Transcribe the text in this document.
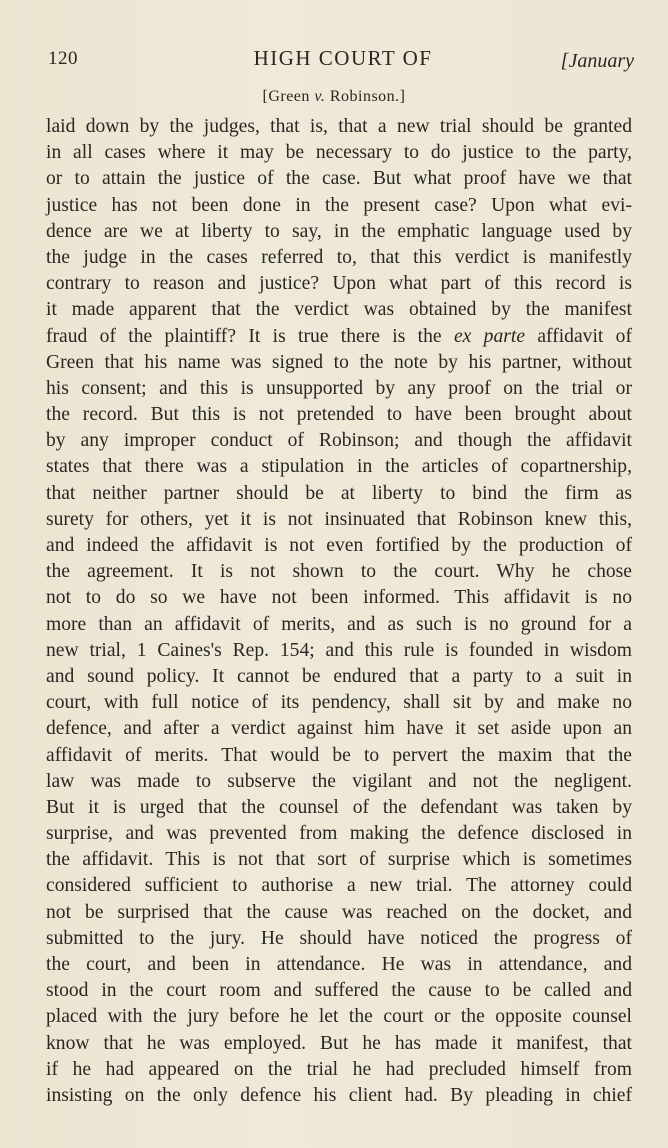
120	HIGH COURT OF	[January
[Green v. Robinson.]
laid down by the judges, that is, that a new trial should be granted
in all cases where it may be necessary to do justice to the party,
or to attain the justice of the case. But what proof have we that
justice has not been done in the present case? Upon what evi-
dence are we at liberty to say, in the emphatic language used by
the judge in the cases referred to, that this verdict is manifestly
contrary to reason and justice? Upon what part of this record is
it made apparent that the verdict was obtained by the manifest
fraud of the plaintiff? It is true there is the ex parte affidavit of
Green that his name was signed to the note by his partner, without
his consent; and this is unsupported by any proof on the trial or
the record. But this is not pretended to have been brought about
by any improper conduct of Robinson; and though the affidavit
states that there was a stipulation in the articles of copartnership,
that neither partner should be at liberty to bind the firm as
surety for others, yet it is not insinuated that Robinson knew this,
and indeed the affidavit is not even fortified by the production of
the agreement. It is not shown to the court. Why he chose
not to do so we have not been informed. This affidavit is no
more than an affidavit of merits, and as such is no ground for a
new trial, 1 Caines's Rep. 154; and this rule is founded in wisdom
and sound policy. It cannot be endured that a party to a suit in
court, with full notice of its pendency, shall sit by and make no
defence, and after a verdict against him have it set aside upon an
affidavit of merits. That would be to pervert the maxim that the
law was made to subserve the vigilant and not the negligent.
But it is urged that the counsel of the defendant was taken by
surprise, and was prevented from making the defence disclosed in
the affidavit. This is not that sort of surprise which is sometimes
considered sufficient to authorise a new trial. The attorney could
not be surprised that the cause was reached on the docket, and
submitted to the jury. He should have noticed the progress of
the court, and been in attendance. He was in attendance, and
stood in the court room and suffered the cause to be called and
placed with the jury before he let the court or the opposite counsel
know that he was employed. But he has made it manifest, that
if he had appeared on the trial he had precluded himself from
insisting on the only defence his client had. By pleading in chief
